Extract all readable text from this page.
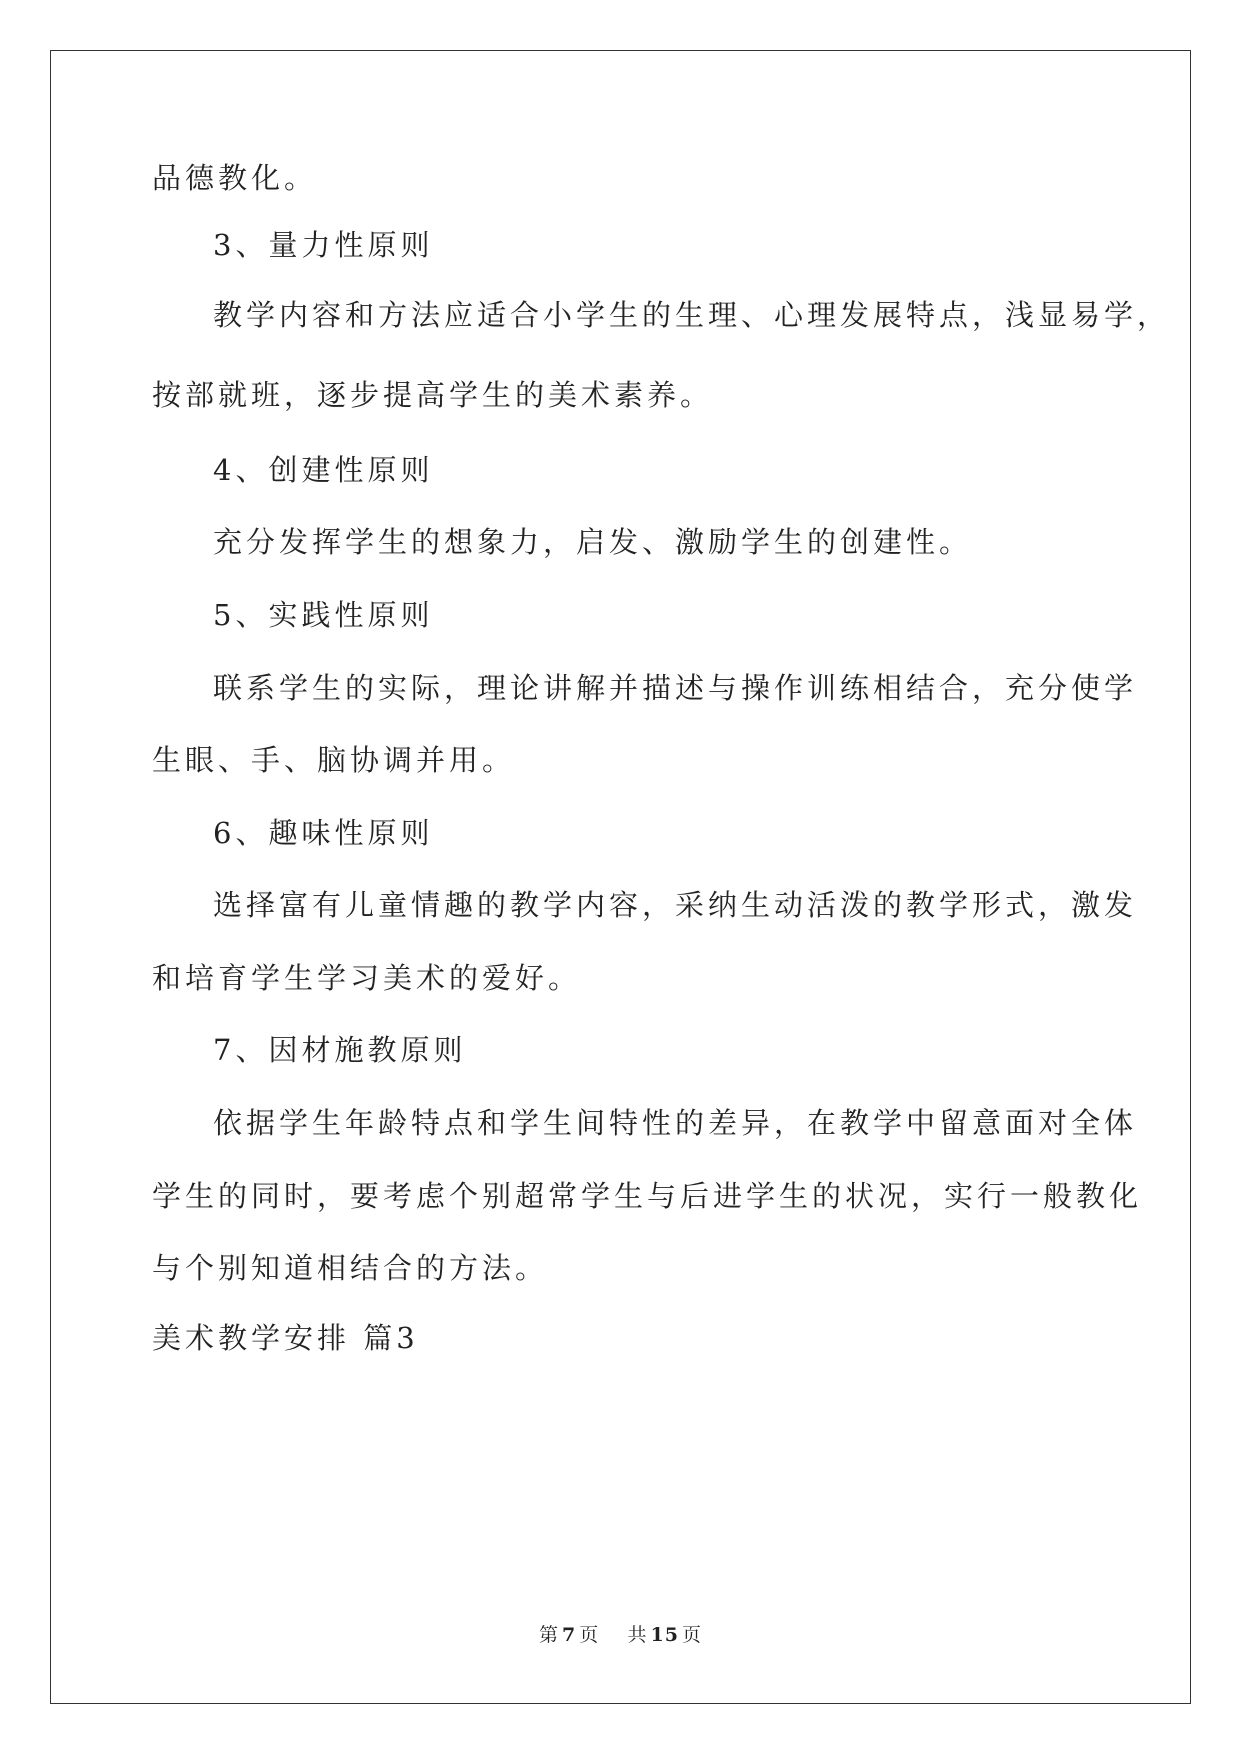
品德教化。
3、量力性原则
教学内容和方法应适合小学生的生理、心理发展特点，浅显易学，
按部就班，逐步提高学生的美术素养。
4、创建性原则
充分发挥学生的想象力，启发、激励学生的创建性。
5、实践性原则
联系学生的实际，理论讲解并描述与操作训练相结合，充分使学
生眼、手、脑协调并用。
6、趣味性原则
选择富有儿童情趣的教学内容，采纳生动活泼的教学形式，激发
和培育学生学习美术的爱好。
7、因材施教原则
依据学生年龄特点和学生间特性的差异，在教学中留意面对全体
学生的同时，要考虑个别超常学生与后进学生的状况，实行一般教化
与个别知道相结合的方法。
美术教学安排 篇3
第 7 页 共 15 页
